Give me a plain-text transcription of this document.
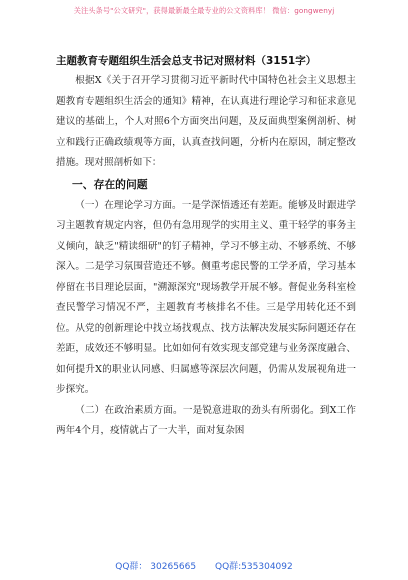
关注头条号"公文研究"，获得最新最全最专业的公文资料库！ 微信：gongwenyj
主题教育专题组织生活会总支书记对照材料（3151字）

根据X《关于召开学习贯彻习近平新时代中国特色社会主义思想主题教育专题组织生活会的通知》精神，在认真进行理论学习和征求意见建议的基础上，个人对照6个方面突出问题，及反面典型案例剖析、树立和践行正确政绩观等方面，认真查找问题，分析内在原因，制定整改措施。现对照剖析如下：

一、存在的问题

（一）在理论学习方面。一是学深悟透还有差距。能够及时跟进学习主题教育规定内容，但仍有急用现学的实用主义、重干轻学的事务主义倾向，缺乏"精读细研"的钉子精神，学习不够主动、不够系统、不够深入。二是学习氛围营造还不够。侧重考虑民警的工学矛盾，学习基本停留在书目理论层面，"溯源深究"现场教学开展不够。督促业务科室检查民警学习情况不严，主题教育考核排名不佳。三是学用转化还不到位。从党的创新理论中找立场找观点、找方法解决发展实际问题还存在差距，成效还不够明显。比如如何有效实现支部党建与业务深度融合、如何提升X的职业认同感、归属感等深层次问题，仍需从发展视角进一步探究。

（二）在政治素质方面。一是锐意进取的劲头有所弱化。到X工作两年4个月，疫情就占了一大半，面对复杂困

QQ群： 30265665 QQ群:535304092
